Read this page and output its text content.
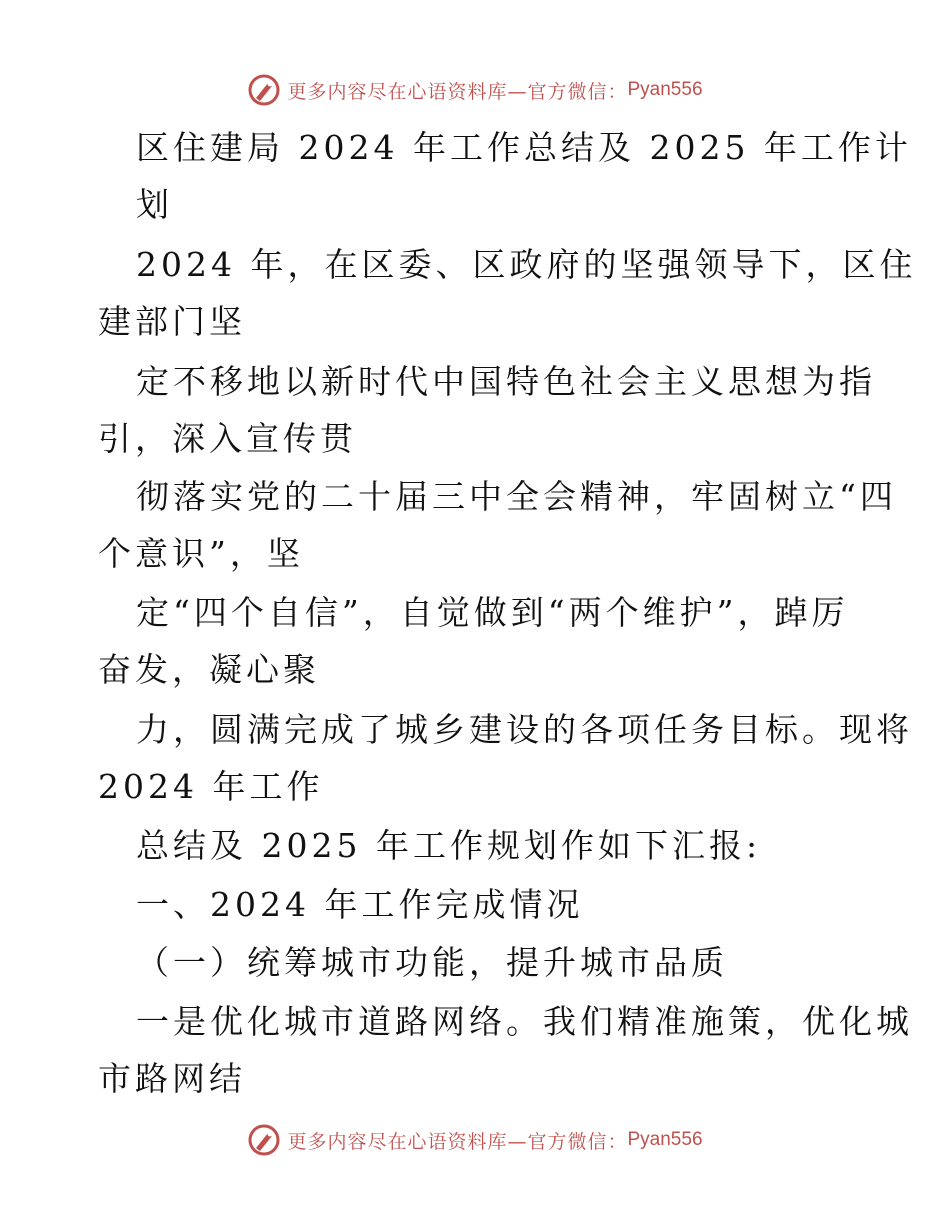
更多内容尽在心语资料库—官方微信： Pyan556
区住建局 2024 年工作总结及 2025 年工作计
划
2024 年，在区委、区政府的坚强领导下，区住
建部门坚
定不移地以新时代中国特色社会主义思想为指
引，深入宣传贯
彻落实党的二十届三中全会精神，牢固树立“四
个意识”，坚
定“四个自信”，自觉做到“两个维护”，踔厉
奋发，凝心聚
力，圆满完成了城乡建设的各项任务目标。现将
2024 年工作
总结及 2025 年工作规划作如下汇报:
一、2024 年工作完成情况
（一）统筹城市功能，提升城市品质
一是优化城市道路网络。我们精准施策，优化城
市路网结
更多内容尽在心语资料库—官方微信： Pyan556
